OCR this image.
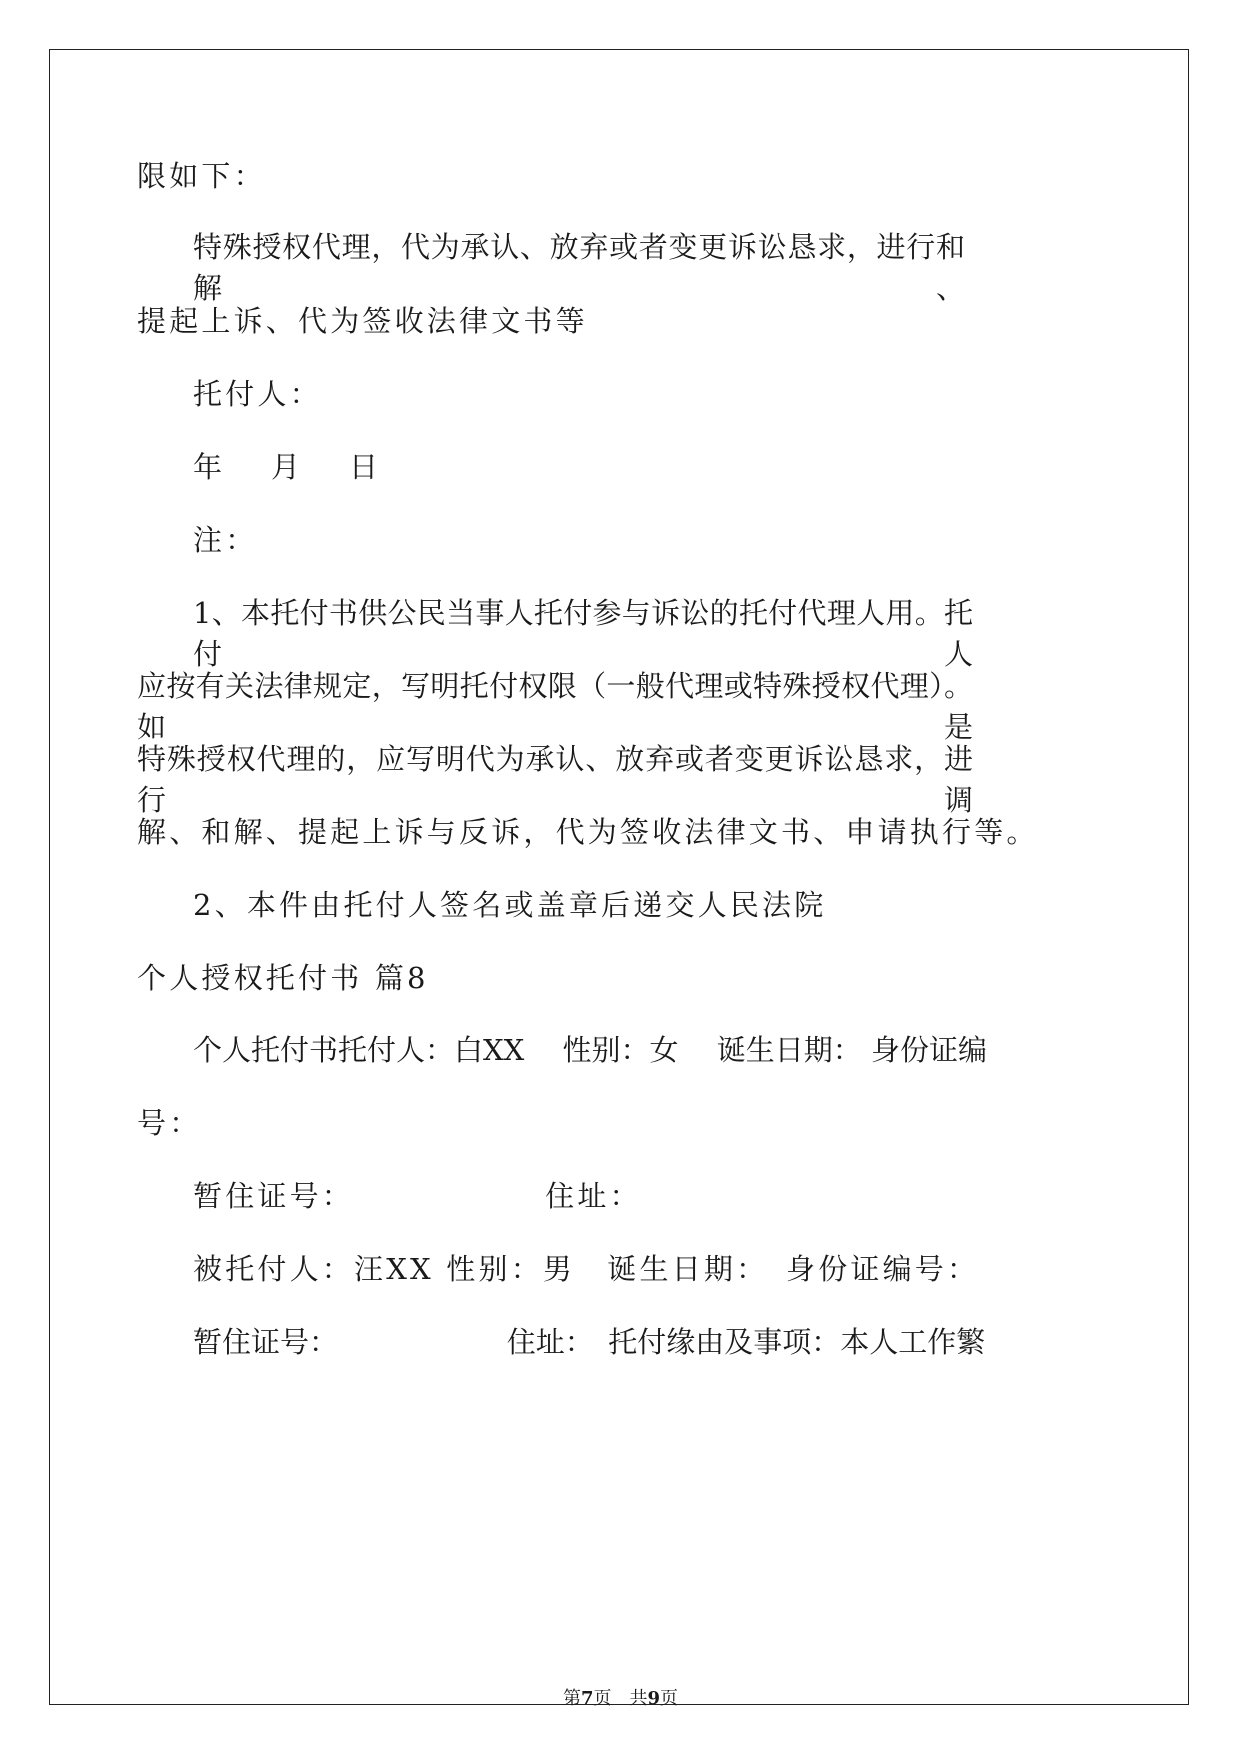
限如下：
特殊授权代理，代为承认、放弃或者变更诉讼恳求，进行和解、
提起上诉、代为签收法律文书等
托付人：
年　月　日
注：
1、本托付书供公民当事人托付参与诉讼的托付代理人用。托付人
应按有关法律规定，写明托付权限（一般代理或特殊授权代理）。如是
特殊授权代理的，应写明代为承认、放弃或者变更诉讼恳求，进行调
解、和解、提起上诉与反诉，代为签收法律文书、申请执行等。
2、本件由托付人签名或盖章后递交人民法院
个人授权托付书 篇8
个人托付书托付人：白XX　 性别：女　 诞生日期： 身份证编
号：
暂住证号：　　　　　　 住址：
被托付人：汪XX 性别：男　诞生日期：　身份证编号：
暂住证号：　　　　　　 住址：　托付缘由及事项：本人工作繁
第7页　共9页
